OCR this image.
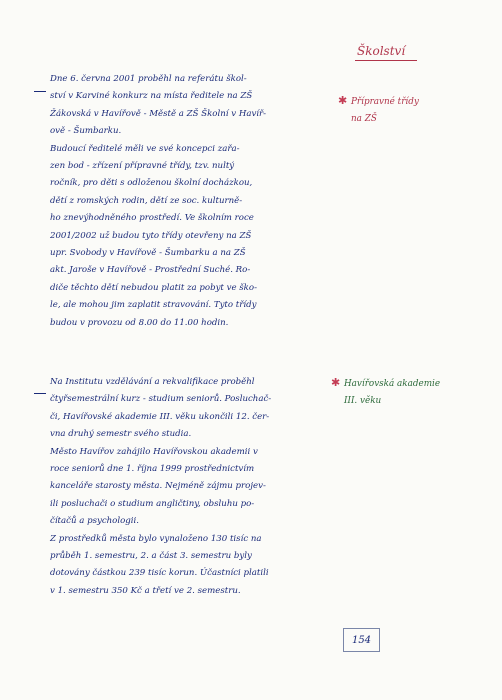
Školství

Dne 6. června 2001 proběhl na referátu škol-
ství v Karviné konkurz na místa ředitele na ZŠ
Žákovská v Havířově - Městě a ZŠ Školní v Havíř-
ově - Šumbarku.
Budoucí ředitelé měli ve své koncepci zařa-
zen bod - zřízení přípravné třídy, tzv. nultý
ročník, pro děti s odloženou školní docházkou,
dětí z romských rodin, dětí ze soc. kulturně-
ho znevýhodněného prostředí. Ve školním roce
2001/2002 už budou tyto třídy otevřeny na ZŠ
upr. Svobody v Havířově - Šumbarku a na ZŠ
akt. Jaroše v Havířově - Prostřední Suché. Ro-
diče těchto dětí nebudou platit za pobyt ve ško-
le, ale mohou jim zaplatit stravování. Tyto třídy
budou v provozu od 8.00 do 11.00 hodin.

✱ Přípravné třídy
na ZŠ

Na Institutu vzdělávání a rekvalifikace proběhl
čtyřsemestrální kurz - studium seniorů. Posluchač-
či, Havířovské akademie III. věku ukončili 12. čer-
vna druhý semestr svého studia.
Město Havířov zahájilo Havířovskou akademii v
roce seniorů dne 1. října 1999 prostřednictvím
kanceláře starosty města. Nejméně zájmu projev-
ili posluchači o studium angličtiny, obsluhu po-
čítačů a psychologii.
Z prostředků města bylo vynaloženo 130 tisíc na
průběh 1. semestru, 2. a část 3. semestru byly
dotovány částkou 239 tisíc korun. Účastníci platili
v 1. semestru 350 Kč a třetí ve 2. semestru.

✱ Havířovská akademie
III. věku

154
